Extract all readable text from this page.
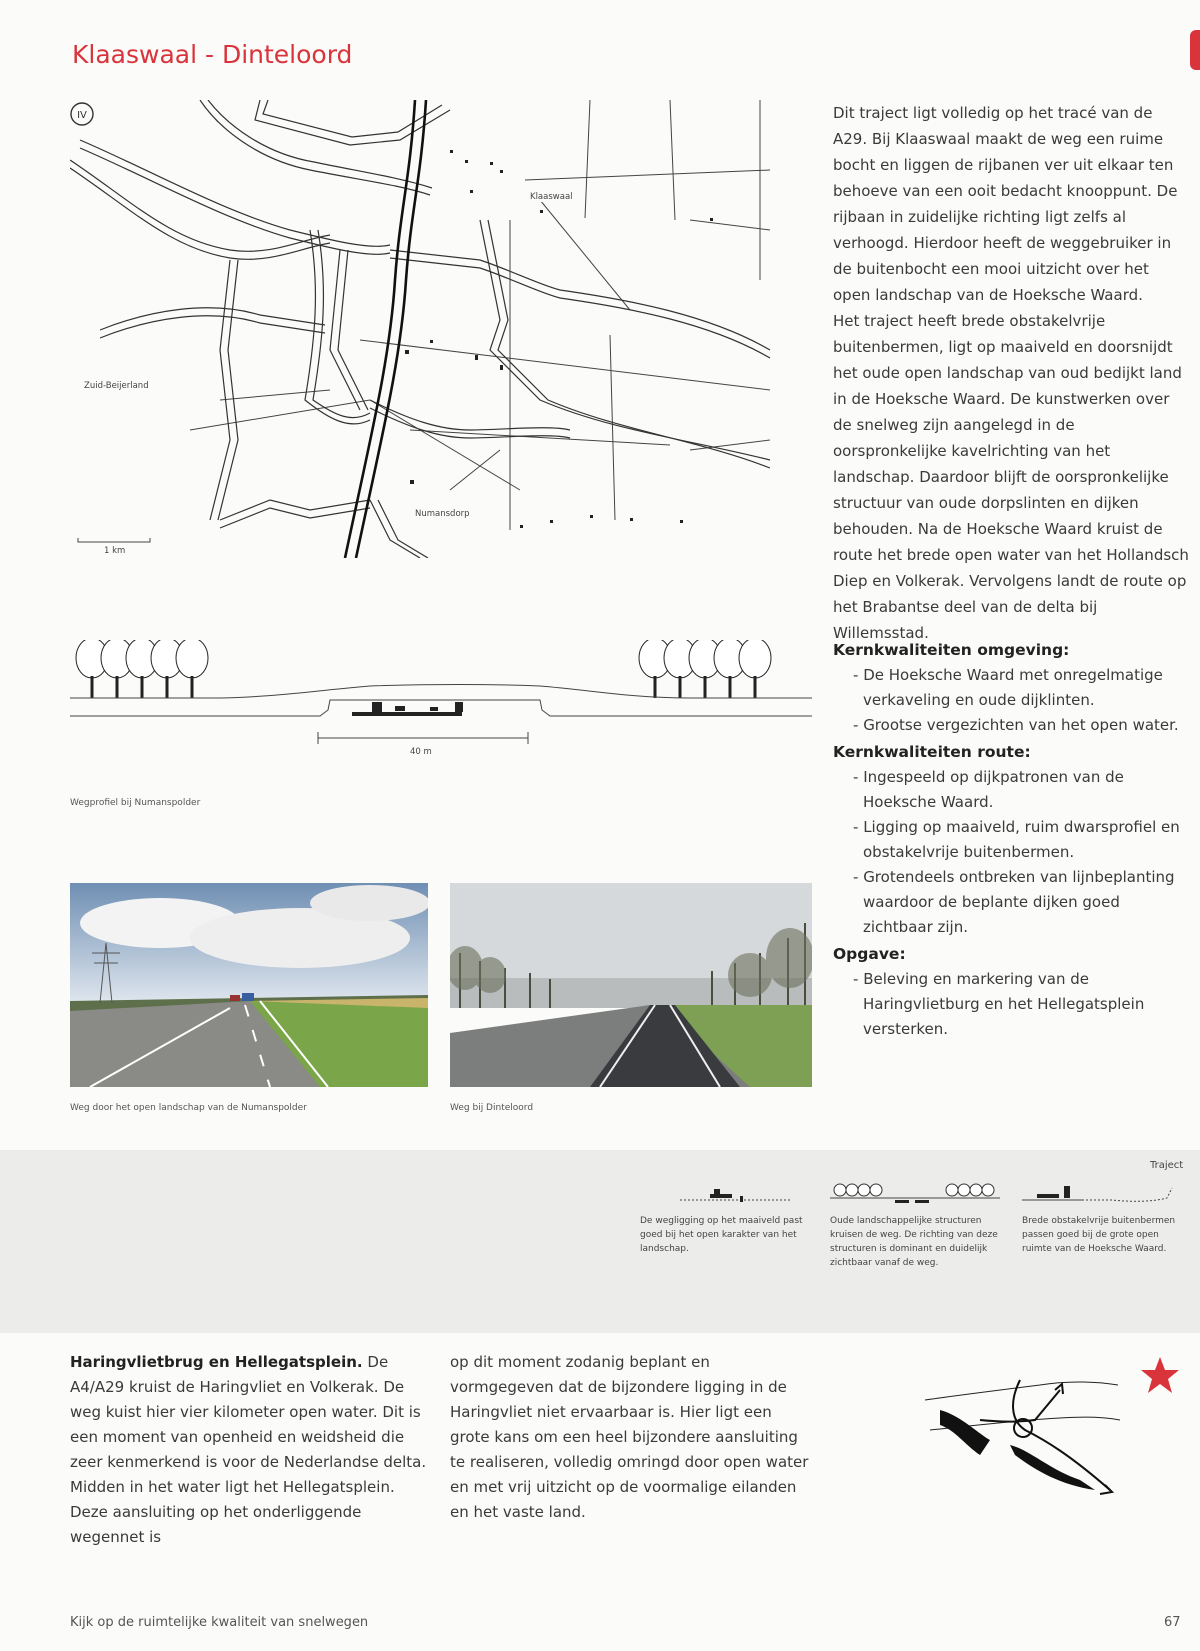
Klaaswaal - Dinteloord
IV
Klaaswaal
Zuid-Beijerland
Numansdorp
1 km

Dit traject ligt volledig op het tracé van de A29. Bij Klaaswaal maakt de weg een ruime bocht en liggen de rijbanen ver uit elkaar ten behoeve van een ooit bedacht knooppunt. De rijbaan in zuidelijke richting ligt zelfs al verhoogd. Hierdoor heeft de weggebruiker in de buitenbocht een mooi uitzicht over het open landschap van de Hoeksche Waard.

Het traject heeft brede obstakelvrije buitenbermen, ligt op maaiveld en doorsnijdt het oude open landschap van oud bedijkt land in de Hoeksche Waard. De kunstwerken over de snelweg zijn aangelegd in de oorspronkelijke kavelrichting van het landschap. Daardoor blijft de oorspronkelijke structuur van oude dorpslinten en dijken behouden. Na de Hoeksche Waard kruist de route het brede open water van het Hollandsch Diep en Volkerak. Vervolgens landt de route op het Brabantse deel van de delta bij Willemsstad.

Kernkwaliteiten omgeving:
- De Hoeksche Waard met onregelmatige verkaveling en oude dijklinten.
- Grootse vergezichten van het open water.
Kernkwaliteiten route:
- Ingespeeld op dijkpatronen van de Hoeksche Waard.
- Ligging op maaiveld, ruim dwarsprofiel en obstakelvrije buitenbermen.
- Grotendeels ontbreken van lijnbeplanting waardoor de beplante dijken goed zichtbaar zijn.
Opgave:
- Beleving en markering van de Haringvlietburg en het Hellegatsplein versterken.
40 m
Wegprofiel bij Numanspolder
Weg door het open landschap van de Numanspolder	Weg bij Dinteloord
Traject
De wegligging op het maaiveld past goed bij het open karakter van het landschap.
Oude landschappelijke structuren kruisen de weg. De richting van deze structuren is dominant en duidelijk zichtbaar vanaf de weg.
Brede obstakelvrije buitenbermen passen goed bij de grote open ruimte van de Hoeksche Waard.
Haringvlietbrug en Hellegatsplein. De A4/A29 kruist de Haringvliet en Volkerak. De weg kuist hier vier kilometer open water. Dit is een moment van openheid en weidsheid die zeer kenmerkend is voor de Nederlandse delta. Midden in het water ligt het Hellegatsplein. Deze aansluiting op het onderliggende wegennet is
op dit moment zodanig beplant en vormgegeven dat de bijzondere ligging in de Haringvliet niet ervaarbaar is. Hier ligt een grote kans om een heel bijzondere aansluiting te realiseren, volledig omringd door open water en met vrij uitzicht op de voormalige eilanden en het vaste land.
Kijk op de ruimtelijke kwaliteit van snelwegen	67
